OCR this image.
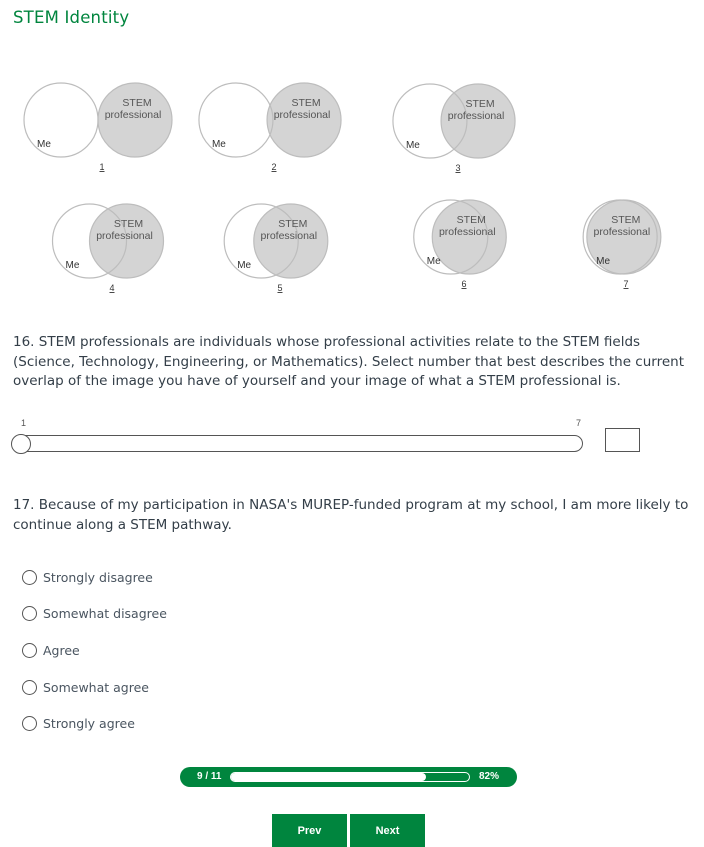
STEM Identity
STEM
professional
Me
1
STEM
professional
Me
2
STEM
professional
Me
3
STEM
professional
Me
4
STEM
professional
Me
5
STEM
professional
Me
6
STEM
professional
Me
7
16. STEM professionals are individuals whose professional activities relate to the STEM fields (Science, Technology, Engineering, or Mathematics). Select number that best describes the current overlap of the image you have of yourself and your image of what a STEM professional is.
1	7
17. Because of my participation in NASA's MUREP-funded program at my school, I am more likely to continue along a STEM pathway.
Strongly disagree
Somewhat disagree
Agree
Somewhat agree
Strongly agree
9 / 11	82%
Prev	Next
